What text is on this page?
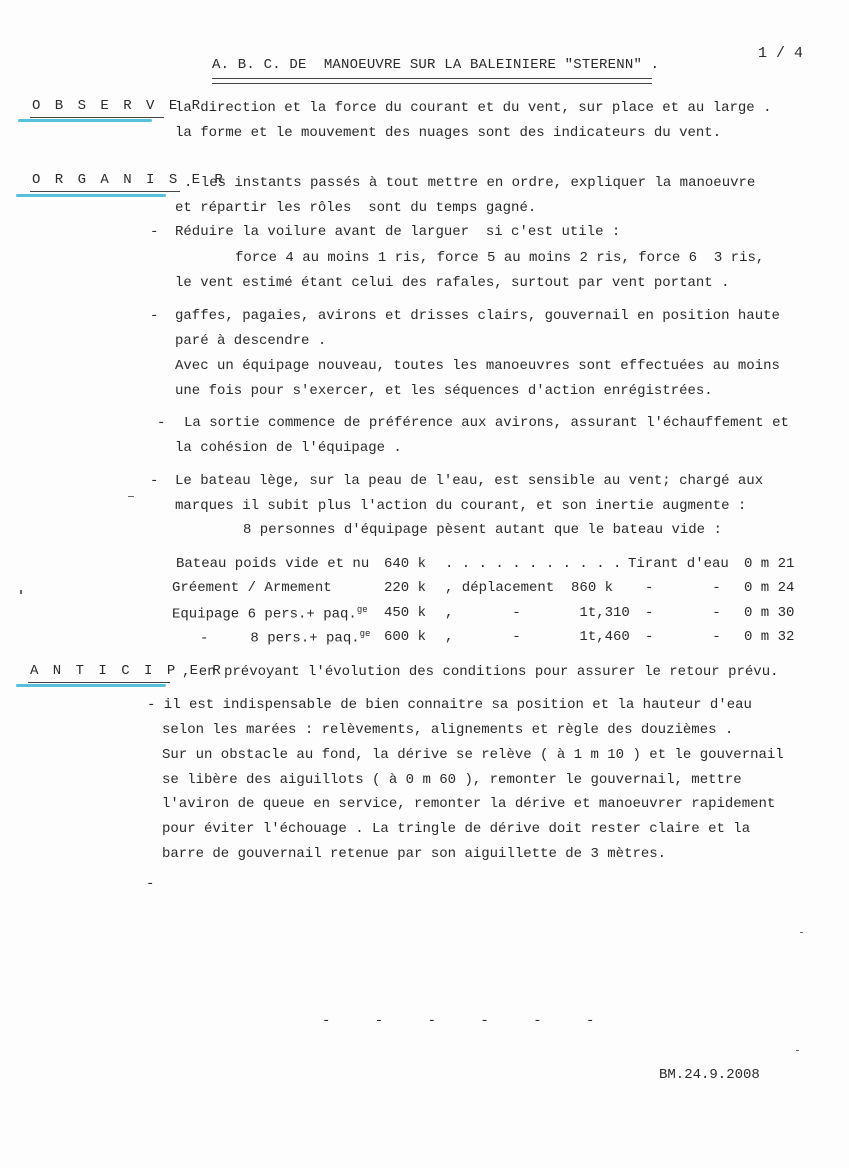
A. B. C. DE  MANOEUVRE SUR LA BALEINIERE "STERENN" .
1 / 4
O B S E R V E R
la direction et la force du courant et du vent, sur place et au large .
la forme et le mouvement des nuages sont des indicateurs du vent.
O R G A N I S E R
. les instants passés à tout mettre en ordre, expliquer la manoeuvre
et répartir les rôles  sont du temps gagné.
- Réduire la voilure avant de larguer  si c'est utile :
force 4 au moins 1 ris, force 5 au moins 2 ris, force 6  3 ris,
le vent estimé étant celui des rafales, surtout par vent portant .
- gaffes, pagaies, avirons et drisses clairs, gouvernail en position haute
paré à descendre .
Avec un équipage nouveau, toutes les manoeuvres sont effectuées au moins
une fois pour s'exercer, et les séquences d'action enrégistrées.
- La sortie commence de préférence aux avirons, assurant l'échauffement et
la cohésion de l'équipage .
- Le bateau lège, sur la peau de l'eau, est sensible au vent; chargé aux
marques il subit plus l'action du courant, et son inertie augmente :
8 personnes d'équipage pèsent autant que le bateau vide :
Bateau poids vide et nu 640 k . . . . . . . . . . . Tirant d'eau 0 m 21
Gréement / Armement	220 k , déplacement  860 k -       - 0 m 24
Equipage 6 pers.+ paq.$^{ge}$ 450 k ,       -       1t,310 -       - 0 m 30
-     8 pers.+ paq.$^{ge}$ 600 k ,       -       1t,460 -       - 0 m 32
A N T I C I P E R
, en prévoyant l'évolution des conditions pour assurer le retour prévu.
- il est indispensable de bien connaitre sa position et la hauteur d'eau
selon les marées : relèvements, alignements et règle des douzièmes .
Sur un obstacle au fond, la dérive se relève ( à 1 m 10 ) et le gouvernail
se libère des aiguillots ( à 0 m 60 ), remonter le gouvernail, mettre
l'aviron de queue en service, remonter la dérive et manoeuvrer rapidement
pour éviter l'échouage . La tringle de dérive doit rester claire et la
barre de gouvernail retenue par son aiguillette de 3 mètres.
-
- - - - - -
BM.24.9.2008
